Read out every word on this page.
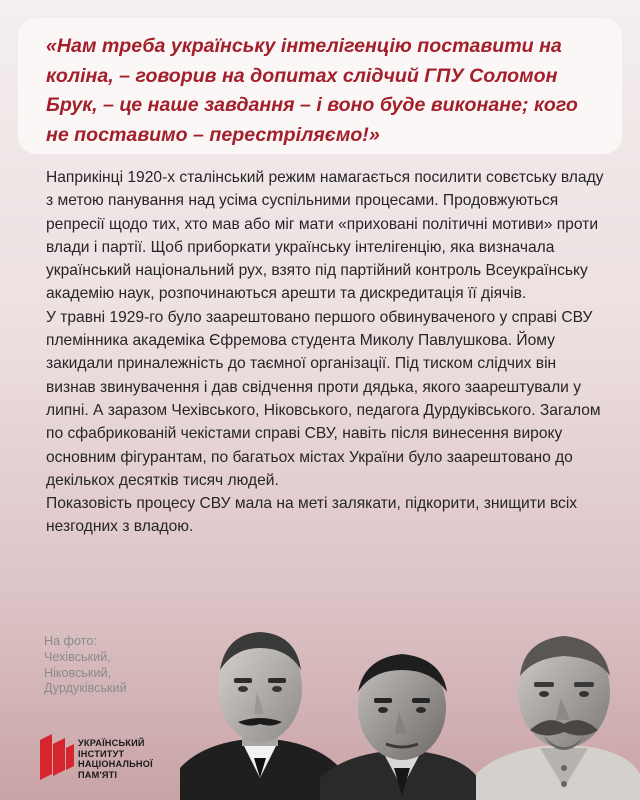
«Нам треба українську інтелігенцію поставити на коліна, – говорив на допитах слідчий ГПУ Соломон Брук, – це наше завдання – і воно буде виконане; кого не поставимо – перестріляємо!»

Наприкінці 1920-х сталінський режим намагається посилити совєтську владу з метою панування над усіма суспільними процесами. Продовжуються репресії щодо тих, хто мав або міг мати «приховані політичні мотиви» проти влади і партії. Щоб приборкати українську інтелігенцію, яка визначала український національний рух, взято під партійний контроль Всеукраїнську академію наук, розпочинаються арешти та дискредитація її діячів.

У травні 1929-го було заарештовано першого обвинуваченого у справі СВУ племінника академіка Єфремова студента Миколу Павлушкова. Йому закидали приналежність до таємної організації. Під тиском слідчих він визнав звинувачення і дав свідчення проти дядька, якого заарештували у липні. А заразом Чехівського, Ніковського, педагога Дурдуківського. Загалом по сфабрикованій чекістами справі СВУ, навіть після винесення вироку основним фігурантам, по багатьох містах України було заарештовано до декількох десятків тисяч людей.

Показовість процесу СВУ мала на меті залякати, підкорити, знищити всіх незгодних з владою.

На фото:
Чехівський,
Ніковський,
Дурдуківський
УКРАЇНСЬКИЙ
ІНСТИТУТ
НАЦІОНАЛЬНОЇ
ПАМ'ЯТІ
